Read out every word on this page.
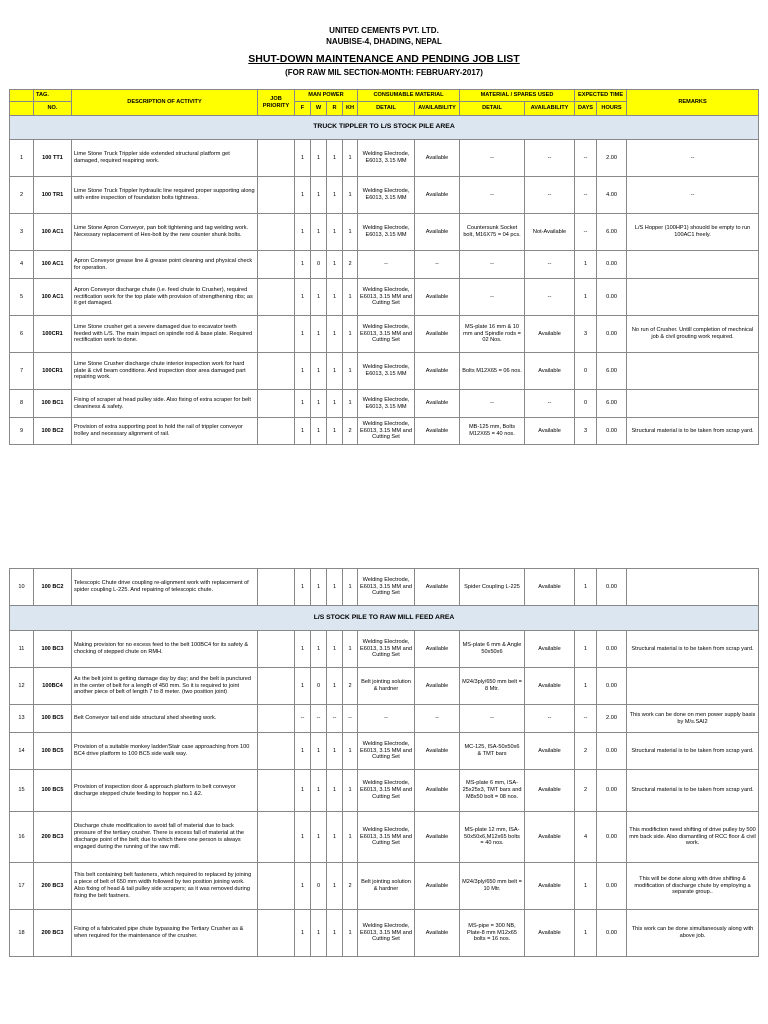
UNITED CEMENTS PVT. LTD.
NAUBISE-4, DHADING, NEPAL
SHUT-DOWN MAINTENANCE AND PENDING JOB LIST
(FOR RAW MIL SECTION-MONTH: FEBRUARY-2017)
	TAG.	DESCRIPTION OF ACTIVITY	JOB PRIORITY	MAN POWER				CONSUMABLE MATERIAL		MATERIAL / SPARES USED		EXPECTED TIME		REMARKS
	NO.			F	W	R	KH	DETAIL	AVAILABILITY	DETAIL	AVAILABILITY	DAYS	HOURS	
TRUCK TIPPLER TO L/S STOCK PILE AREA														
1	100 TT1	Lime Stone Truck Trippler side extended structural platform get damaged, required reapiring work.		1	1	1	1	Welding Electrode, E6013, 3.15 MM	Available	--	--	--	2.00	--
2	100 TR1	Lime Stone Truck Trippler hydraulic line required proper supporting along with entire inspection of foundation bolts tightness.		1	1	1	1	Welding Electrode, E6013, 3.15 MM	Available	--	--	--	4.00	--
3	100 AC1	Lime Stone Apron Conveyor, pan bolt tightening and tag welding work. Necessary replacement of Hex-bolt by the new counter shunk bolts.		1	1	1	1	Welding Electrode, E6013, 3.15 MM	Available	Countersunk Socket bolt, M16X75 = 04 pcs.	Not-Available	--	6.00	L/S Hopper (100HP1) shouold be empty to run 100AC1 freely.
4	100 AC1	Apron Conveyor grease line & grease point cleaning and physical check for operation.		1	0	1	2	--	--	--	--	1	0.00	
5	100 AC1	Apron Conveyor discharge chute (i.e. feed chute to Crusher), required rectification work for the top plate with provision of strengthening ribs; as it get damaged.		1	1	1	1	Welding Electrode, E6013, 3.15 MM and Cutting Set	Available	--	--	1	0.00	
6	100CR1	Lime Stone crusher get a severe damaged due to excavator teeth feeded with L/S. The main impact on spindle rod & base plate. Required rectification work to done.		1	1	1	1	Welding Electrode, E6013, 3.15 MM and Cutting Set	Available	MS-plate 16 mm & 10 mm and Spindle rods = 02 Nos.	Available	3	0.00	No run of Crusher. Untill completion of mechnical job & civil grouting work required.
7	100CR1	Lime Stone Crusher discharge chute interior inspection work for hard plate & civil beam conditions. And inspection door area damaged part repairing work.		1	1	1	1	Welding Electrode, E6013, 3.15 MM	Available	Bolts M12X65 = 06 nos.	Available	0	6.00	
8	100 BC1	Fixing of scraper at head pulley side. Also fixing of extra scraper for belt cleaniness & safety.		1	1	1	1	Welding Electrode, E6013, 3.15 MM	Available	--	--	0	6.00	
9	100 BC2	Provision of extra supporting post to hold the rail of trippler conveyor trolley and necessary alignment of rail.		1	1	1	2	Welding Electrode, E6013, 3.15 MM and Cutting Set	Available	MB-125 mm, Bolts M12X65 = 40 nos.	Available	3	0.00	Structural material is to be taken from scrap yard.
10	100 BC2	Telescopic Chute drive coupling re-alignment work with replacement of spider coupling L-225. And repairing of telescopic chute.		1	1	1	1	Welding Electrode, E6013, 3.15 MM and Cutting Set	Available	Spider Coupling L-225	Available	1	0.00	
L/S STOCK PILE TO RAW MILL FEED AREA														
11	100 BC3	Making provision for no excess feed to the belt 100BC4 for its safety & chocking of stepped chute on RMH.		1	1	1	1	Welding Electrode, E6013, 3.15 MM and Cutting Set	Available	MS-plate 6 mm & Angle 50x50x6	Available	1	0.00	Structural material is to be taken from scrap yard.
12	100BC4	As the belt joint is getting damage day by day; and the belt is punctured in the center of belt for a length of 450 mm. So it is required to joint another piece of belt of length 7 to 8 meter. (two position joint)		1	0	1	2	Belt jointing solution & hardner	Available	M24/3ply/650 mm belt = 8 Mtr.	Available	1	0.00	
13	100 BC5	Belt Conveyor tail end side structural shed sheeting work.		--	--	--	--	--	--	--	--	--	2.00	This work can be done on men power supply basis by M/s.SAI2
14	100 BC5	Provision of a suitable monkey ladder/Stair case approaching from 100 BC4 drive platform to 100 BC5 side walk way.		1	1	1	1	Welding Electrode, E6013, 3.15 MM and Cutting Set	Available	MC-125, ISA-50x50x6 & TMT bars	Available	2	0.00	Structural material is to be taken from scrap yard.
15	100 BC5	Provision of inspection door & approach platform to belt conveyor discharge stepped chute feeding to hopper no.1 &2.		1	1	1	1	Welding Electrode, E6013, 3.15 MM and Cutting Set	Available	MS-plate 6 mm, ISA-25x25x3, TMT bars and M8x50 bolt = 08 nos.	Available	2	0.00	Structural material is to be taken from scrap yard.
16	200 BC3	Discharge chute modification to avoid fall of material due to back pressure of the tertiary crusher. There is excess fall of material at the discharge point of the belt; due to which there one person is always engaged during the running of the raw mill.		1	1	1	1	Welding Electrode, E6013, 3.15 MM and Cutting Set	Available	MS-plate 12 mm, ISA-50x50x6,M12x65 bolts = 40 nos.	Available	4	0.00	This modifiction need shifting of drive pulley by 500 mm back side. Also dismantling of RCC floor & civil work.
17	200 BC3	This belt containing belt fasteners, which required to replaced by joining a piece of belt of 650 mm width followed by two position joining work. Also fixing of head & tail pulley side scrapers; as it was removed during fixing the belt fastners.		1	0	1	2	Belt jointing solution & hardner	Available	M24/3ply/650 mm belt = 10 Mtr.	Available	1	0.00	This will be done along with drive shifting & modification of discharge chute by employing a separate group..
18	200 BC3	Fixing of a fabricated pipe chute bypassing the Tertiary Crusher as & when required for the maintenance of the crusher.		1	1	1	1	Welding Electrode, E6013, 3.15 MM and Cutting Set	Available	MS-pipe = 300 NB, Plate-8 mm M12x65 bolts = 16 nos.	Available	1	0.00	This work can be done simultaneously along with above job.
